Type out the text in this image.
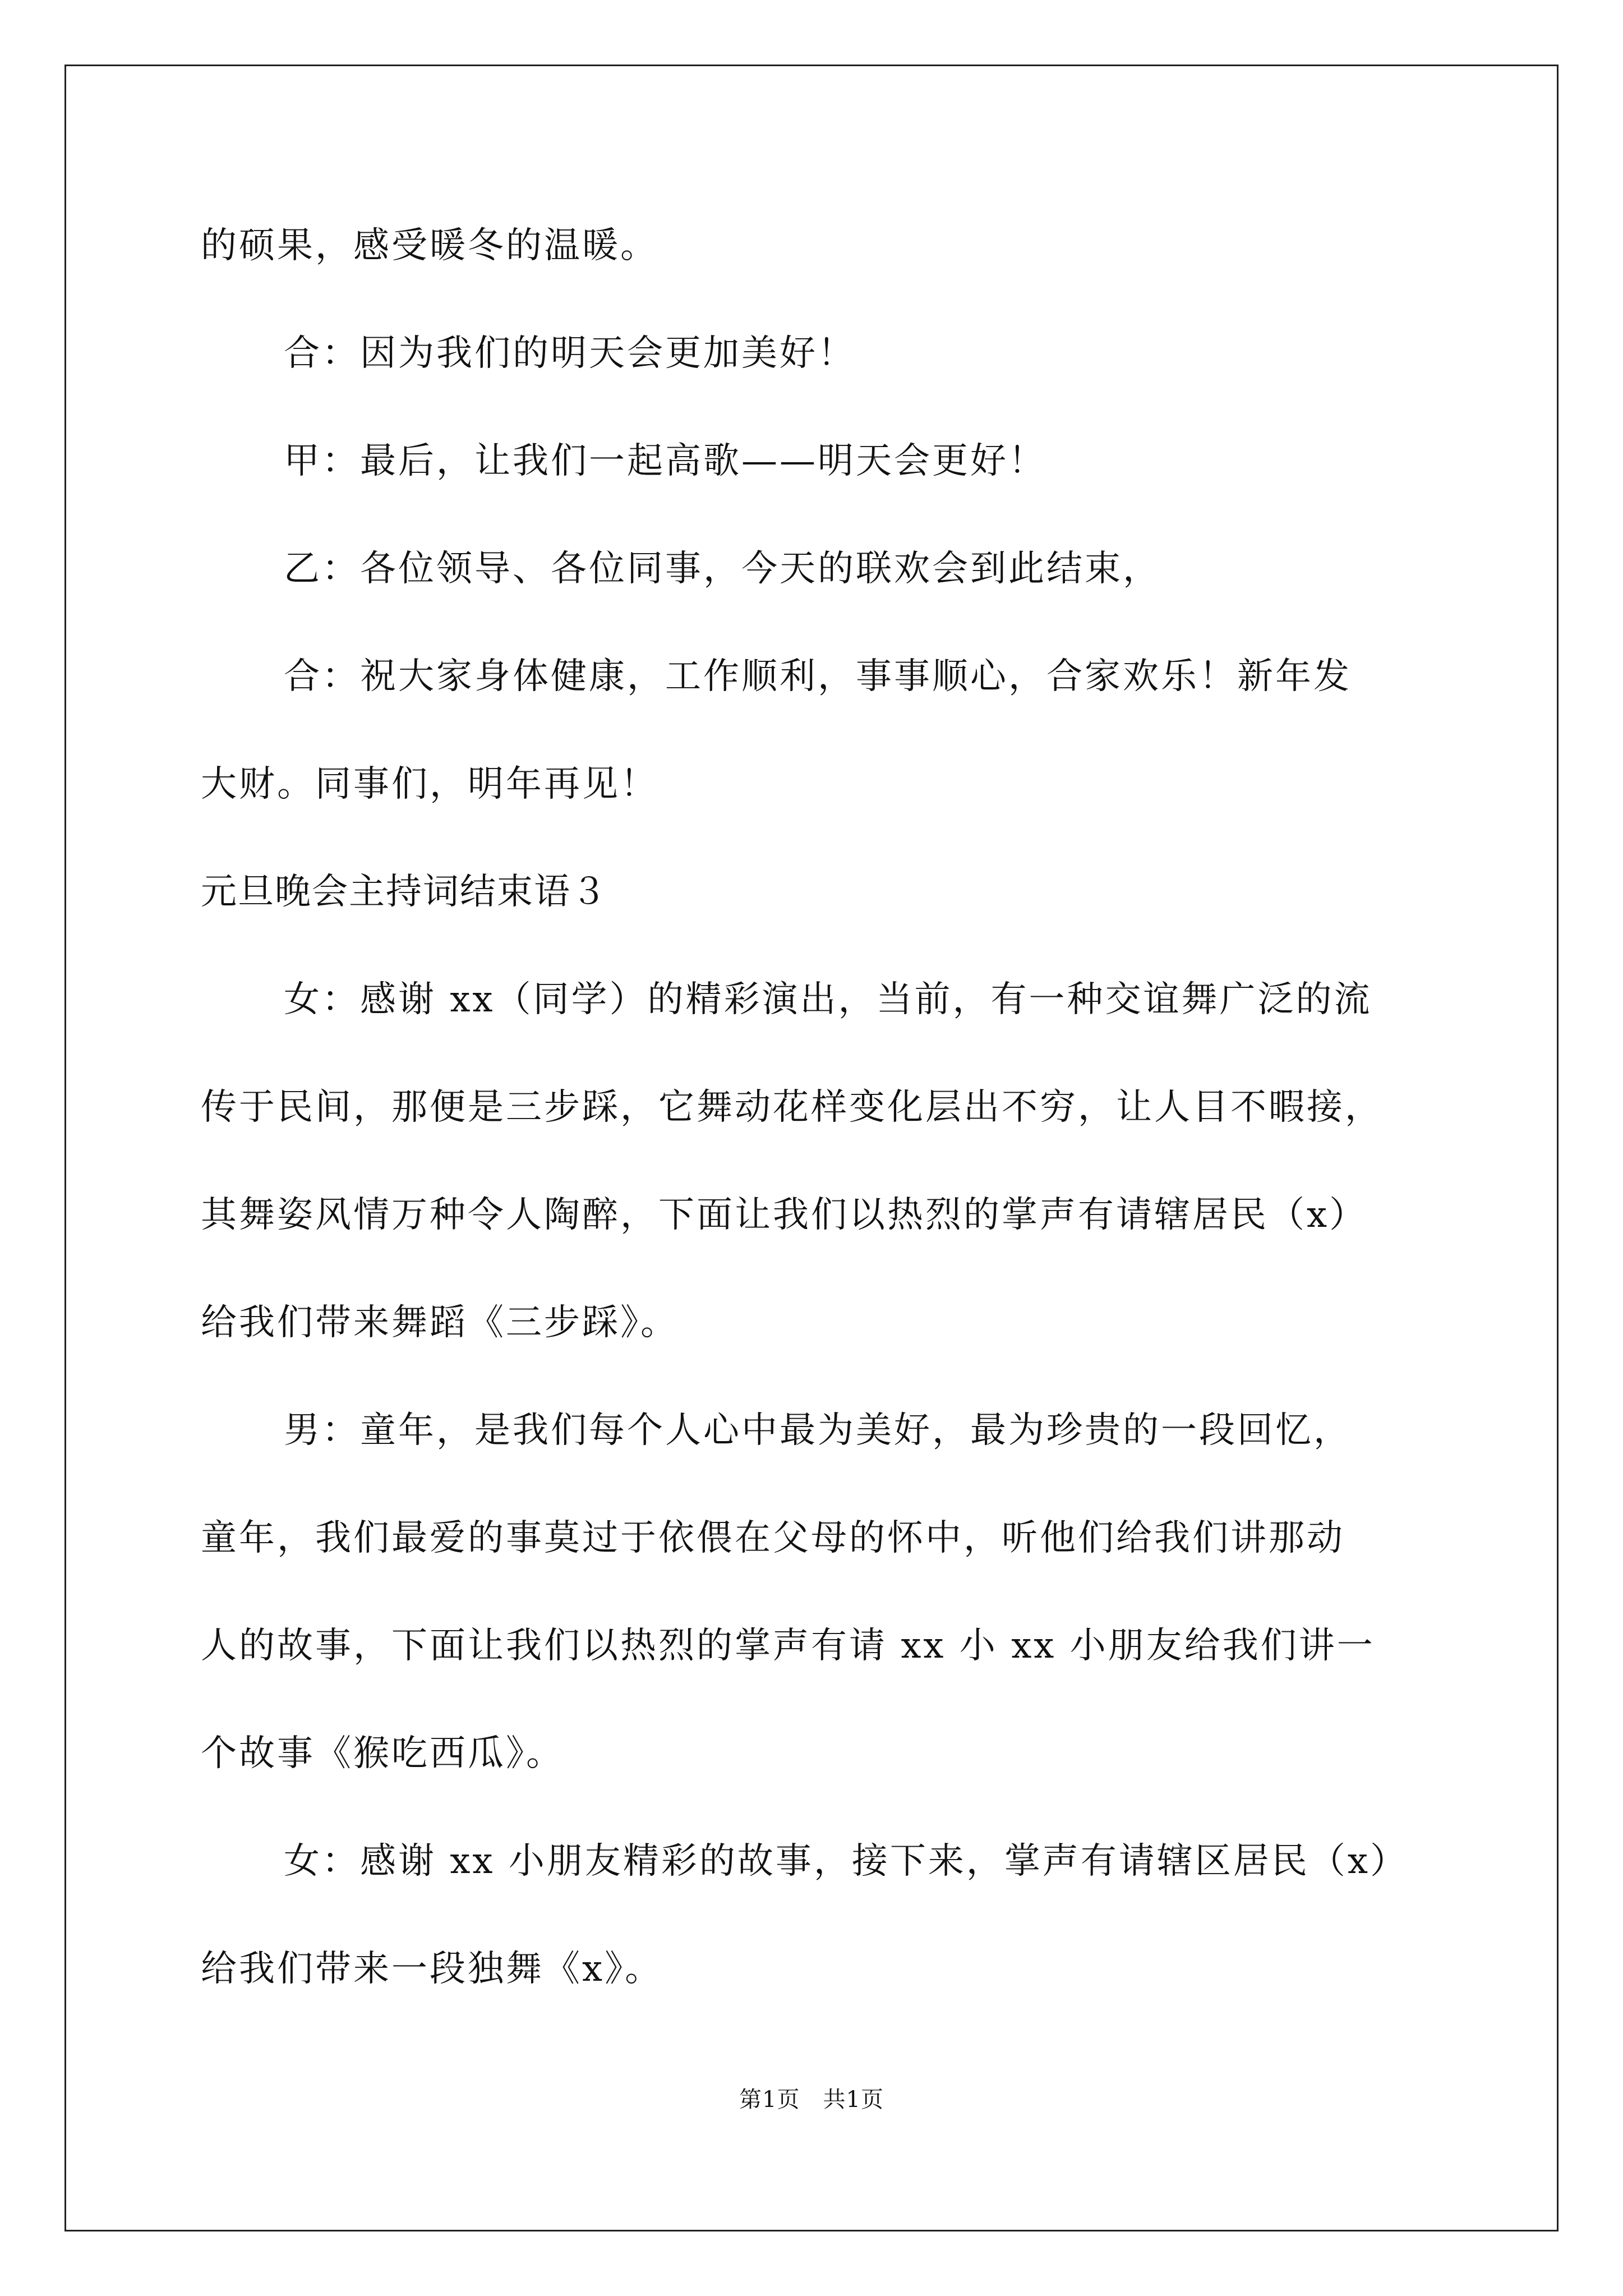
的硕果，感受暖冬的温暖。
合：因为我们的明天会更加美好！
甲：最后，让我们一起高歌——明天会更好！
乙：各位领导、各位同事，今天的联欢会到此结束，
合：祝大家身体健康，工作顺利，事事顺心，合家欢乐！新年发
大财。同事们，明年再见！
元旦晚会主持词结束语３
女：感谢 xx（同学）的精彩演出，当前，有一种交谊舞广泛的流
传于民间，那便是三步踩，它舞动花样变化层出不穷，让人目不暇接，
其舞姿风情万种令人陶醉，下面让我们以热烈的掌声有请辖居民（x）
给我们带来舞蹈《三步踩》。
男：童年，是我们每个人心中最为美好，最为珍贵的一段回忆，
童年，我们最爱的事莫过于依偎在父母的怀中，听他们给我们讲那动
人的故事，下面让我们以热烈的掌声有请 xx 小 xx 小朋友给我们讲一
个故事《猴吃西瓜》。
女：感谢 xx 小朋友精彩的故事，接下来，掌声有请辖区居民（x）
给我们带来一段独舞《x》。
第1页　共1页
